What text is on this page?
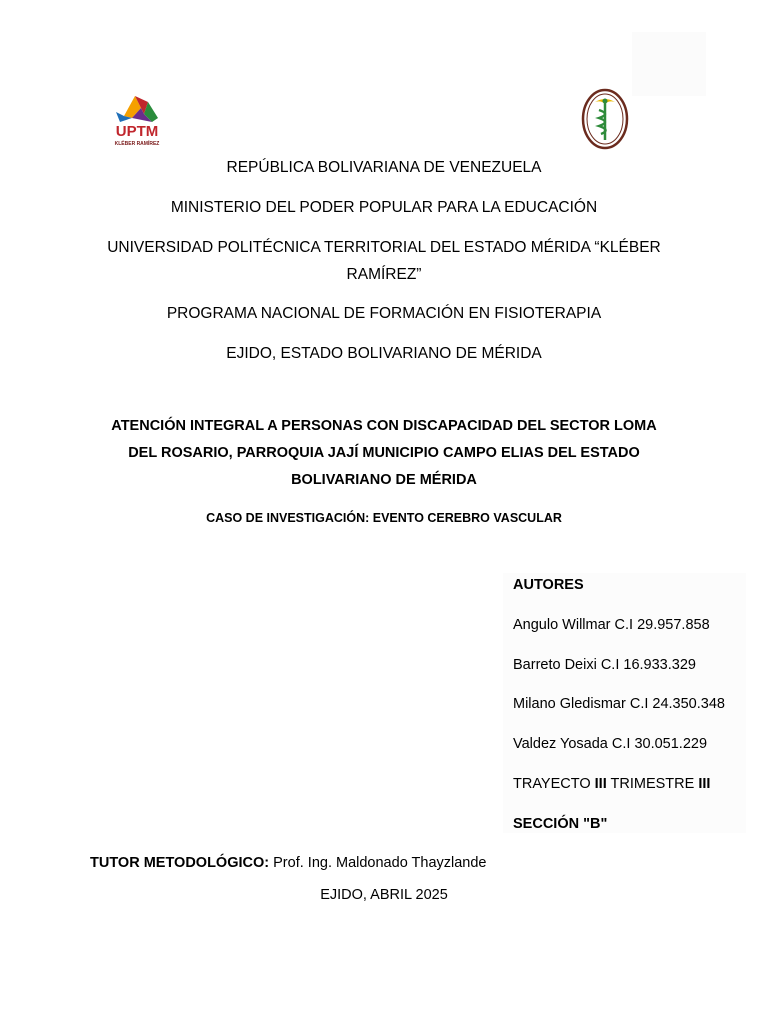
UPTM
KLÉBER RAMÍREZ
REPÚBLICA BOLIVARIANA DE VENEZUELA
MINISTERIO DEL PODER POPULAR PARA LA EDUCACIÓN
UNIVERSIDAD POLITÉCNICA TERRITORIAL DEL ESTADO MÉRIDA “KLÉBER
RAMÍREZ”
PROGRAMA NACIONAL DE FORMACIÓN EN FISIOTERAPIA
EJIDO, ESTADO BOLIVARIANO DE MÉRIDA
ATENCIÓN INTEGRAL A PERSONAS CON DISCAPACIDAD DEL SECTOR LOMA
DEL ROSARIO, PARROQUIA JAJÍ MUNICIPIO CAMPO ELIAS DEL ESTADO
BOLIVARIANO DE MÉRIDA
CASO DE INVESTIGACIÓN: EVENTO CEREBRO VASCULAR
AUTORES
Angulo Willmar C.I 29.957.858
Barreto Deixi C.I 16.933.329
Milano Gledismar C.I 24.350.348
Valdez Yosada C.I 30.051.229
TRAYECTO III TRIMESTRE III
SECCIÓN "B"
TUTOR METODOLÓGICO: Prof. Ing. Maldonado Thayzlande
EJIDO, ABRIL 2025
